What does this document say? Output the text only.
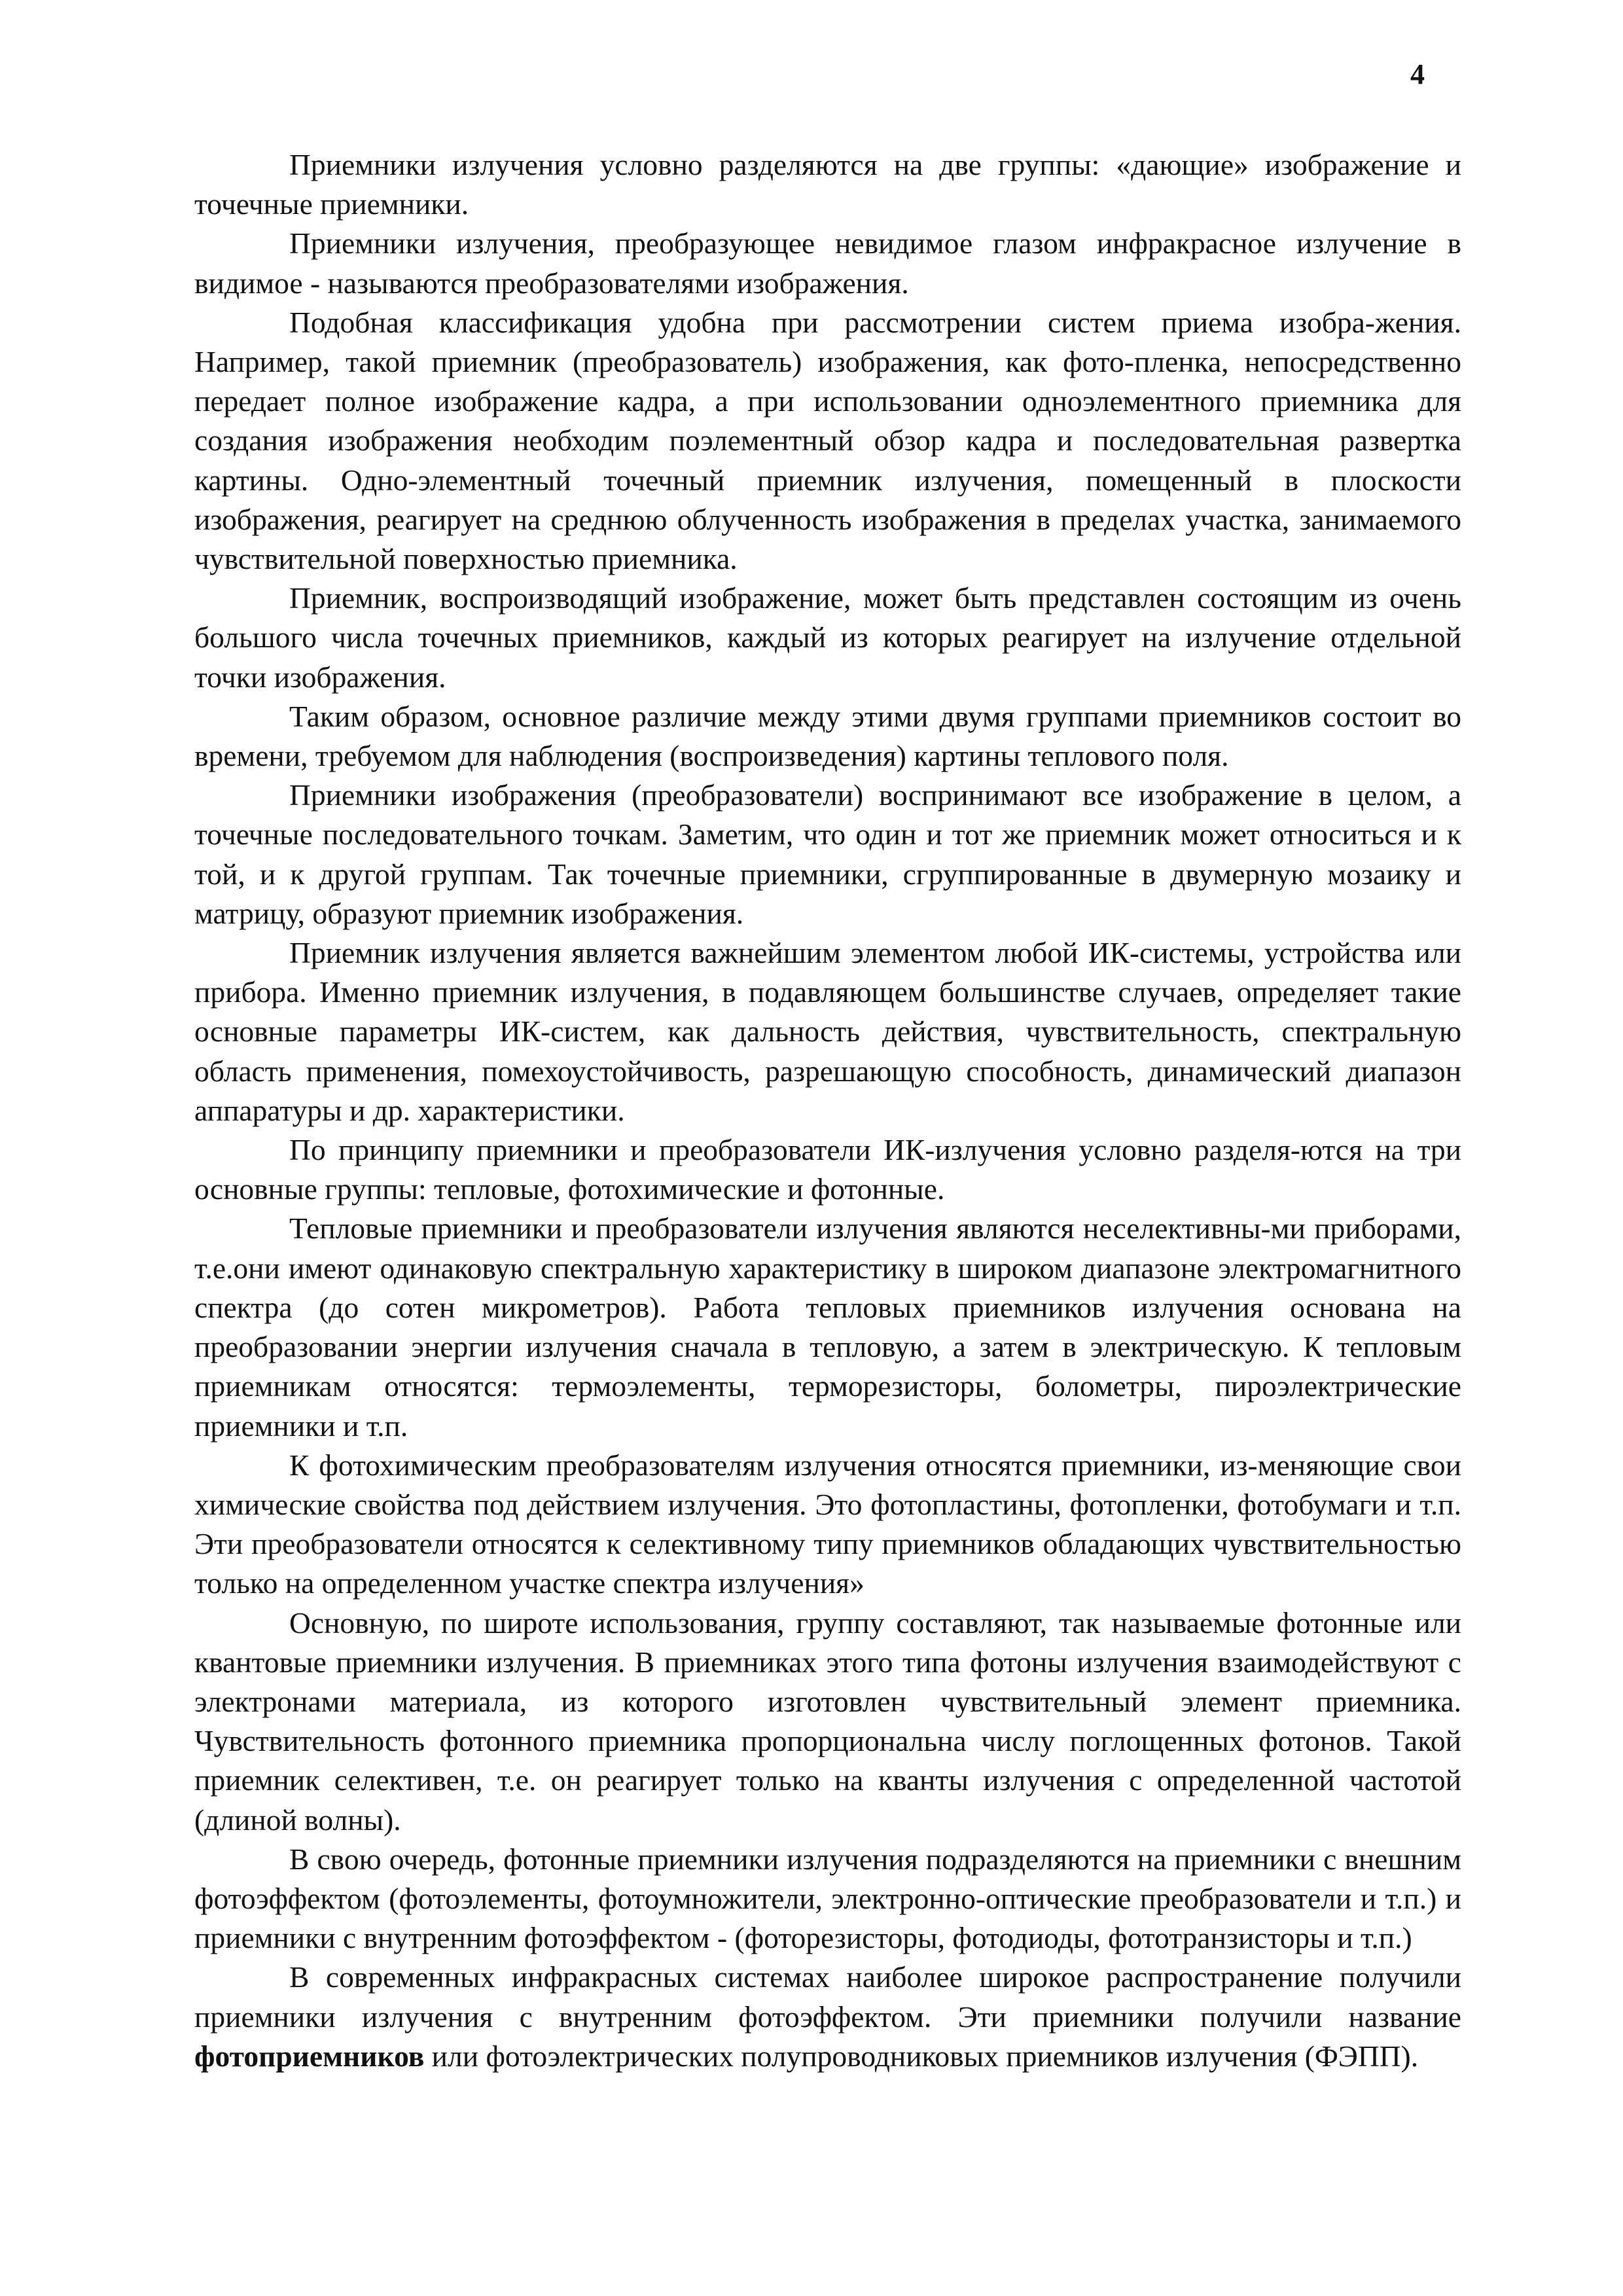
4

Приемники излучения условно разделяются на две группы: «дающие» изображение и точечные приемники.

Приемники излучения, преобразующее невидимое глазом инфракрасное излучение в видимое - называются преобразователями изображения.

Подобная классификация удобна при рассмотрении систем приема изобра-жения. Например, такой приемник (преобразователь) изображения, как фото-пленка, непосредственно передает полное изображение кадра, а при использовании одноэлементного приемника для создания изображения необходим поэлементный обзор кадра и последовательная развертка картины. Одно-элементный точечный приемник излучения, помещенный в плоскости изображения, реагирует на среднюю облученность изображения в пределах участка, занимаемого чувствительной поверхностью приемника.

Приемник, воспроизводящий изображение, может быть представлен состоящим из очень большого числа точечных приемников, каждый из которых реагирует на излучение отдельной точки изображения.

Таким образом, основное различие между этими двумя группами приемников состоит во времени, требуемом для наблюдения (воспроизведения) картины теплового поля.

Приемники изображения (преобразователи) воспринимают все изображение в целом, а точечные последовательного точкам. Заметим, что один и тот же приемник может относиться и к той, и к другой группам. Так точечные приемники, сгруппированные в двумерную мозаику и матрицу, образуют приемник изображения.

Приемник излучения является важнейшим элементом любой ИК-системы, устройства или прибора. Именно приемник излучения, в подавляющем большинстве случаев, определяет такие основные параметры ИК-систем, как дальность действия, чувствительность, спектральную область применения, помехоустойчивость, разрешающую способность, динамический диапазон аппаратуры и др. характеристики.

По принципу приемники и преобразователи ИК-излучения условно разделя-ются на три основные группы: тепловые, фотохимические и фотонные.

Тепловые приемники и преобразователи излучения являются неселективны-ми приборами, т.е.они имеют одинаковую спектральную характеристику в широком диапазоне электромагнитного спектра (до сотен микрометров). Работа тепловых приемников излучения основана на преобразовании энергии излучения сначала в тепловую, а затем в электрическую. К тепловым приемникам относятся: термоэлементы, терморезисторы, болометры, пироэлектрические приемники и т.п.

К фотохимическим преобразователям излучения относятся приемники, из-меняющие свои химические свойства под действием излучения. Это фотопластины, фотопленки, фотобумаги и т.п. Эти преобразователи относятся к селективному типу приемников обладающих чувствительностью только на определенном участке спектра излучения»

Основную, по широте использования, группу составляют, так называемые фотонные или квантовые приемники излучения. В приемниках этого типа фотоны излучения взаимодействуют с электронами материала, из которого изготовлен чувствительный элемент приемника. Чувствительность фотонного приемника пропорциональна числу поглощенных фотонов. Такой приемник селективен, т.е. он реагирует только на кванты излучения с определенной частотой (длиной волны).

В свою очередь, фотонные приемники излучения подразделяются на приемники с внешним фотоэффектом (фотоэлементы, фотоумножители, электронно-оптические преобразователи и т.п.) и приемники с внутренним фотоэффектом - (фоторезисторы, фотодиоды, фототранзисторы и т.п.)

В современных инфракрасных системах наиболее широкое распространение получили приемники излучения с внутренним фотоэффектом. Эти приемники получили название фотоприемников или фотоэлектрических полупроводниковых приемников излучения (ФЭПП).
